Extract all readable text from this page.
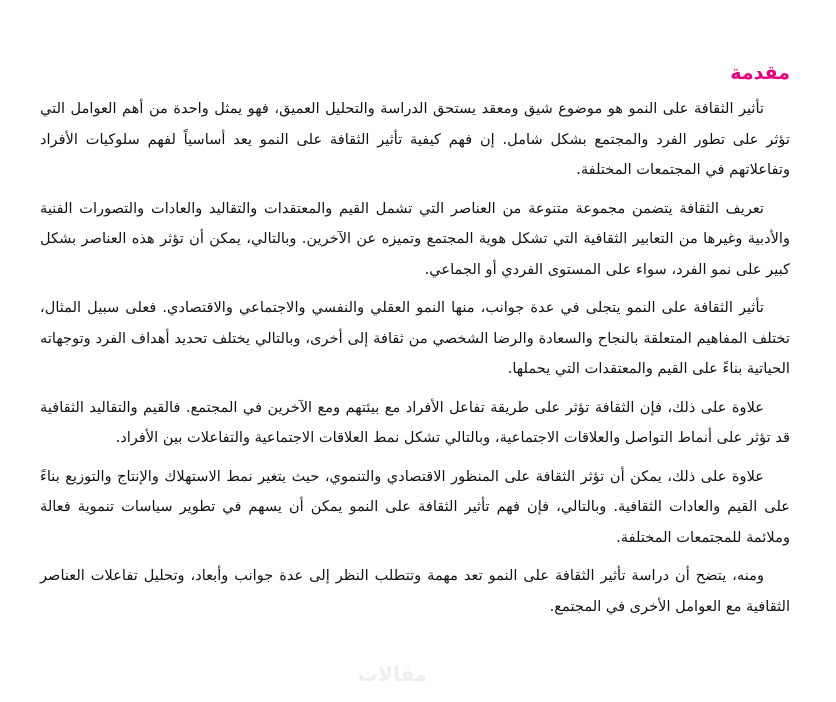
مقدمة

تأثير الثقافة على النمو هو موضوع شيق ومعقد يستحق الدراسة والتحليل العميق، فهو يمثل واحدة من أهم العوامل التي تؤثر على تطور الفرد والمجتمع بشكل شامل. إن فهم كيفية تأثير الثقافة على النمو يعد أساسياً لفهم سلوكيات الأفراد وتفاعلاتهم في المجتمعات المختلفة.

تعريف الثقافة يتضمن مجموعة متنوعة من العناصر التي تشمل القيم والمعتقدات والتقاليد والعادات والتصورات الفنية والأدبية وغيرها من التعابير الثقافية التي تشكل هوية المجتمع وتميزه عن الآخرين. وبالتالي، يمكن أن تؤثر هذه العناصر بشكل كبير على نمو الفرد، سواء على المستوى الفردي أو الجماعي.

تأثير الثقافة على النمو يتجلى في عدة جوانب، منها النمو العقلي والنفسي والاجتماعي والاقتصادي. فعلى سبيل المثال، تختلف المفاهيم المتعلقة بالنجاح والسعادة والرضا الشخصي من ثقافة إلى أخرى، وبالتالي يختلف تحديد أهداف الفرد وتوجهاته الحياتية بناءً على القيم والمعتقدات التي يحملها.

علاوة على ذلك، فإن الثقافة تؤثر على طريقة تفاعل الأفراد مع بيئتهم ومع الآخرين في المجتمع. فالقيم والتقاليد الثقافية قد تؤثر على أنماط التواصل والعلاقات الاجتماعية، وبالتالي تشكل نمط العلاقات الاجتماعية والتفاعلات بين الأفراد.

علاوة على ذلك، يمكن أن تؤثر الثقافة على المنظور الاقتصادي والتنموي، حيث يتغير نمط الاستهلاك والإنتاج والتوزيع بناءً على القيم والعادات الثقافية. وبالتالي، فإن فهم تأثير الثقافة على النمو يمكن أن يسهم في تطوير سياسات تنموية فعالة وملائمة للمجتمعات المختلفة.

ومنه، يتضح أن دراسة تأثير الثقافة على النمو تعد مهمة وتتطلب النظر إلى عدة جوانب وأبعاد، وتحليل تفاعلات العناصر الثقافية مع العوامل الأخرى في المجتمع.

مقالات
